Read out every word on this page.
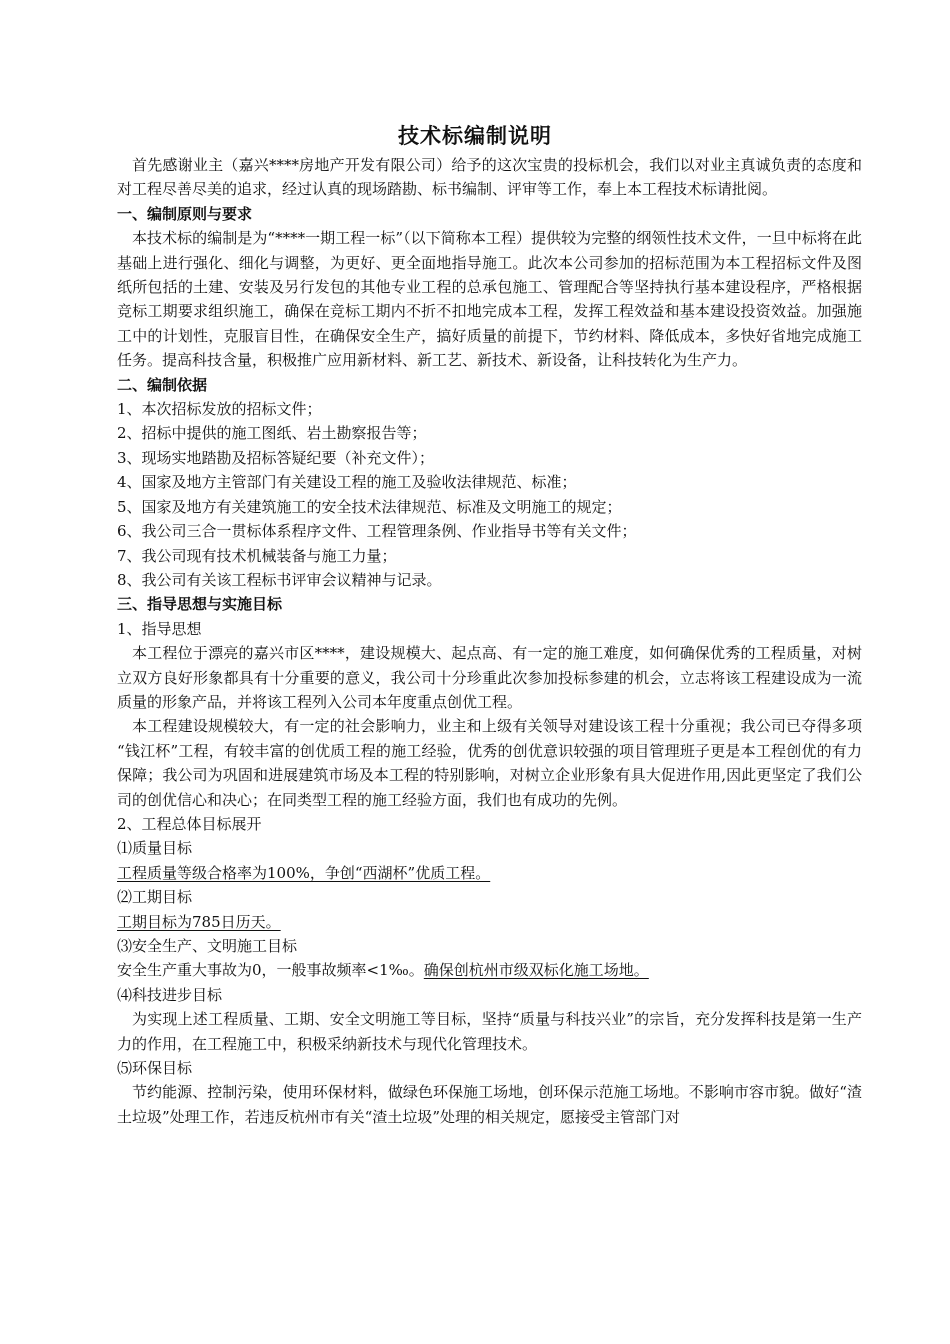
技术标编制说明

首先感谢业主（嘉兴****房地产开发有限公司）给予的这次宝贵的投标机会，我们以对业主真诚负责的态度和对工程尽善尽美的追求，经过认真的现场踏勘、标书编制、评审等工作，奉上本工程技术标请批阅。

一、编制原则与要求

本技术标的编制是为“****一期工程一标”（以下简称本工程）提供较为完整的纲领性技术文件，一旦中标将在此基础上进行强化、细化与调整，为更好、更全面地指导施工。此次本公司参加的招标范围为本工程招标文件及图纸所包括的土建、安装及另行发包的其他专业工程的总承包施工、管理配合等坚持执行基本建设程序，严格根据竞标工期要求组织施工，确保在竞标工期内不折不扣地完成本工程，发挥工程效益和基本建设投资效益。加强施工中的计划性，克服盲目性，在确保安全生产，搞好质量的前提下，节约材料、降低成本，多快好省地完成施工任务。提高科技含量，积极推广应用新材料、新工艺、新技术、新设备，让科技转化为生产力。

二、编制依据

1、本次招标发放的招标文件；

2、招标中提供的施工图纸、岩土勘察报告等；

3、现场实地踏勘及招标答疑纪要（补充文件）；

4、国家及地方主管部门有关建设工程的施工及验收法律规范、标准；

5、国家及地方有关建筑施工的安全技术法律规范、标准及文明施工的规定；

6、我公司三合一贯标体系程序文件、工程管理条例、作业指导书等有关文件；

7、我公司现有技术机械装备与施工力量；

8、我公司有关该工程标书评审会议精神与记录。

三、指导思想与实施目标

1、指导思想

本工程位于漂亮的嘉兴市区****，建设规模大、起点高、有一定的施工难度，如何确保优秀的工程质量，对树立双方良好形象都具有十分重要的意义，我公司十分珍重此次参加投标参建的机会，立志将该工程建设成为一流质量的形象产品，并将该工程列入公司本年度重点创优工程。

本工程建设规模较大，有一定的社会影响力，业主和上级有关领导对建设该工程十分重视；我公司已夺得多项 “钱江杯”工程，有较丰富的创优质工程的施工经验，优秀的创优意识较强的项目管理班子更是本工程创优的有力保障；我公司为巩固和进展建筑市场及本工程的特别影响，对树立企业形象有具大促进作用,因此更坚定了我们公司的创优信心和决心；在同类型工程的施工经验方面，我们也有成功的先例。

2、工程总体目标展开

⑴质量目标

工程质量等级合格率为100%，争创“西湖杯”优质工程。

⑵工期目标

工期目标为785日历天。

⑶安全生产、文明施工目标

安全生产重大事故为0，一般事故频率<1‰。确保创杭州市级双标化施工场地。

⑷科技进步目标

为实现上述工程质量、工期、安全文明施工等目标，坚持“质量与科技兴业”的宗旨，充分发挥科技是第一生产力的作用，在工程施工中，积极采纳新技术与现代化管理技术。

⑸环保目标

节约能源、控制污染，使用环保材料，做绿色环保施工场地，创环保示范施工场地。不影响市容市貌。做好“渣土垃圾”处理工作，若违反杭州市有关“渣土垃圾”处理的相关规定，愿接受主管部门对
